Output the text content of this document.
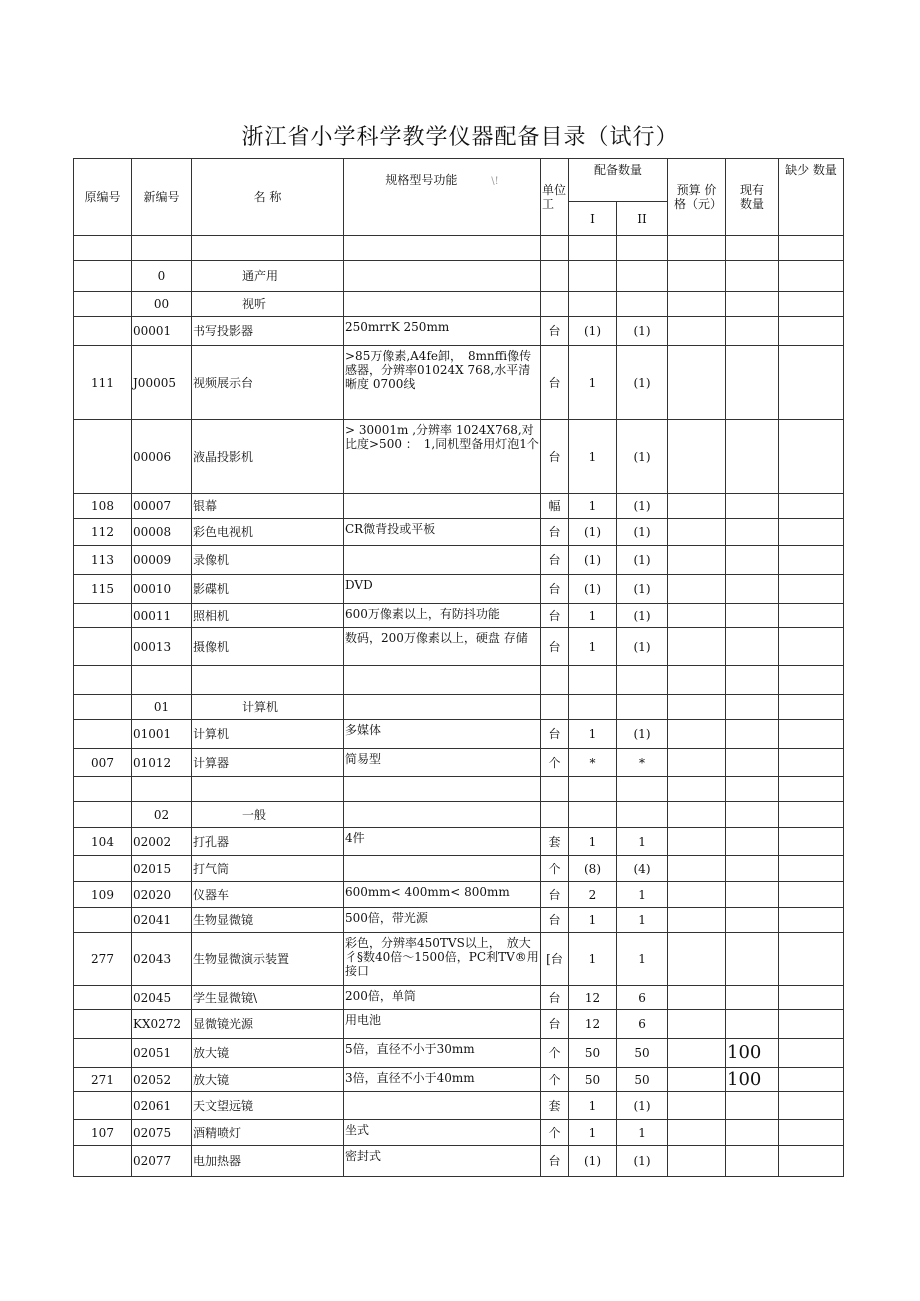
浙江省小学科学教学仪器配备目录（试行）
原编号	新编号	名 称	规格型号功能 \!	单位工	配备数量		预算 价格（元）	现有数量	缺少 数量
					I	II			

	0	通产用							
	00	视听							
	00001	书写投影器	250mrrK 250mm	台	(1)	(1)			
111	J00005	视频展示台	>85万像素,A4fe卸，　8mnffi像传感器，分辨率01024X 768,水平清晰度 0700线	台	1	(1)			
	00006	液晶投影机	> 30001m ,分辨率 1024X768,对比度>500 ：　1,同机型备用灯泡1个	台	1	(1)			
108	00007	银幕		幅	1	(1)			
112	00008	彩色电视机	CR微背投或平板	台	(1)	(1)			
113	00009	录像机		台	(1)	(1)			
115	00010	影碟机	DVD	台	(1)	(1)			
	00011	照相机	600万像素以上，有防抖功能	台	1	(1)			
	00013	摄像机	数码，200万像素以上，硬盘 存储	台	1	(1)			

	01	计算机							
	01001	计算机	多媒体	台	1	(1)			
007	01012	计算器	简易型	个	*	*			

	02	一般							
104	02002	打孔器	4件	套	1	1			
	02015	打气筒		个	(8)	(4)			
109	02020	仪器车	600mm< 400mm< 800mm	台	2	1			
	02041	生物显微镜	500倍，带光源	台	1	1			
277	02043	生物显微演示装置	彩色，分辨率450TVS以上，　放大彳§数40倍～1500倍，PC利TV®用接口	[台	1	1			
	02045	学生显微镜\	200倍，单筒	台	12	6			
	KX0272	显微镜光源	用电池	台	12	6			
	02051	放大镜	5倍，直径不小于30mm	个	50	50		100	
271	02052	放大镜	3倍，直径不小于40mm	个	50	50		100	
	02061	天文望远镜		套	1	(1)			
107	02075	酒精喷灯	坐式	个	1	1			
	02077	电加热器	密封式	台	(1)	(1)			
